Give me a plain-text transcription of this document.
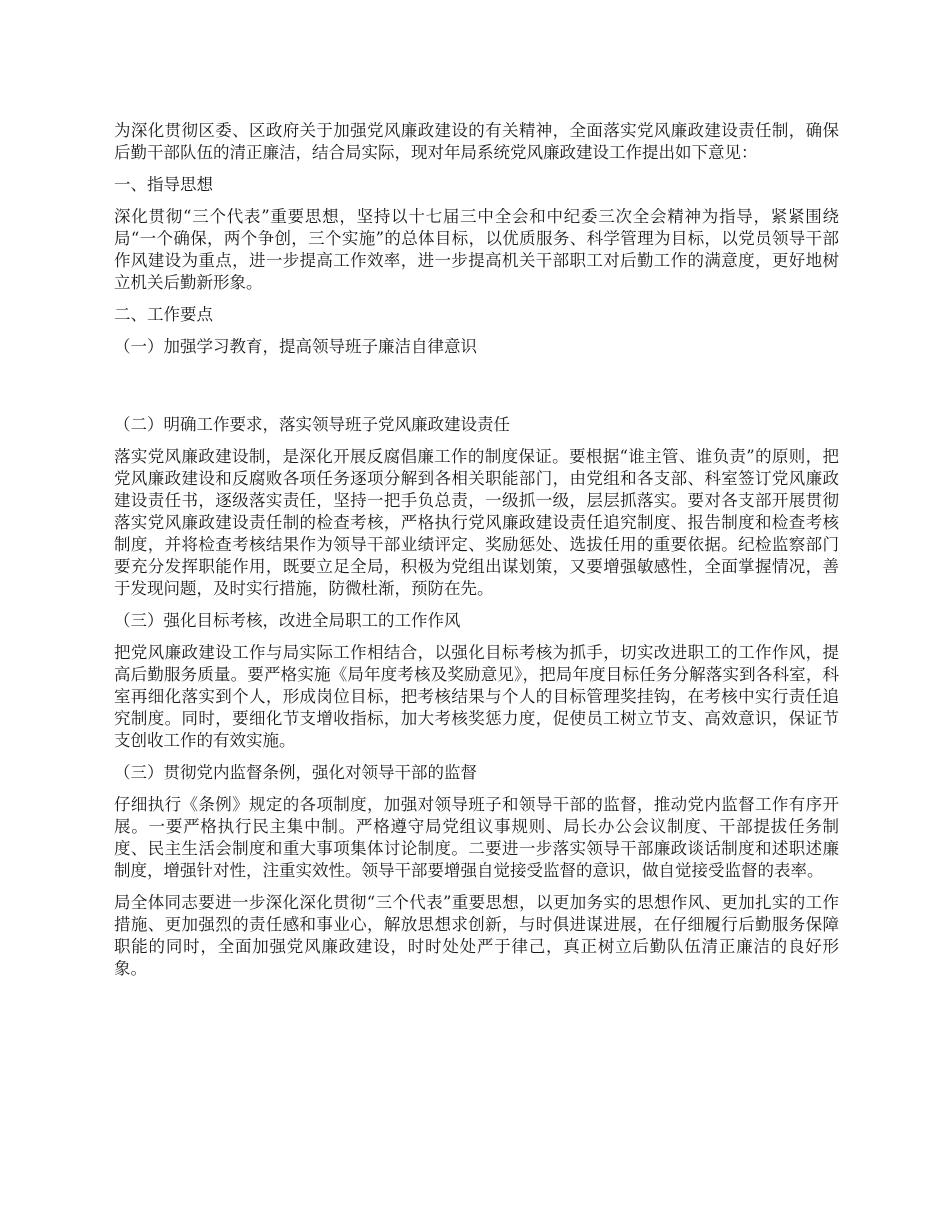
为深化贯彻区委、区政府关于加强党风廉政建设的有关精神，全面落实党风廉政建设责任制，确保后勤干部队伍的清正廉洁，结合局实际，现对年局系统党风廉政建设工作提出如下意见：

一、指导思想

深化贯彻“三个代表”重要思想，坚持以十七届三中全会和中纪委三次全会精神为指导，紧紧围绕局“一个确保，两个争创，三个实施”的总体目标，以优质服务、科学管理为目标，以党员领导干部作风建设为重点，进一步提高工作效率，进一步提高机关干部职工对后勤工作的满意度，更好地树立机关后勤新形象。

二、工作要点

（一）加强学习教育，提高领导班子廉洁自律意识

（二）明确工作要求，落实领导班子党风廉政建设责任

落实党风廉政建设制，是深化开展反腐倡廉工作的制度保证。要根据“谁主管、谁负责”的原则，把党风廉政建设和反腐败各项任务逐项分解到各相关职能部门，由党组和各支部、科室签订党风廉政建设责任书，逐级落实责任，坚持一把手负总责，一级抓一级，层层抓落实。要对各支部开展贯彻落实党风廉政建设责任制的检查考核，严格执行党风廉政建设责任追究制度、报告制度和检查考核制度，并将检查考核结果作为领导干部业绩评定、奖励惩处、选拔任用的重要依据。纪检监察部门要充分发挥职能作用，既要立足全局，积极为党组出谋划策，又要增强敏感性，全面掌握情况，善于发现问题，及时实行措施，防微杜渐，预防在先。

（三）强化目标考核，改进全局职工的工作作风

把党风廉政建设工作与局实际工作相结合，以强化目标考核为抓手，切实改进职工的工作作风，提高后勤服务质量。要严格实施《局年度考核及奖励意见》，把局年度目标任务分解落实到各科室，科室再细化落实到个人，形成岗位目标，把考核结果与个人的目标管理奖挂钩，在考核中实行责任追究制度。同时，要细化节支增收指标，加大考核奖惩力度，促使员工树立节支、高效意识，保证节支创收工作的有效实施。

（三）贯彻党内监督条例，强化对领导干部的监督

仔细执行《条例》规定的各项制度，加强对领导班子和领导干部的监督，推动党内监督工作有序开展。一要严格执行民主集中制。严格遵守局党组议事规则、局长办公会议制度、干部提拔任务制度、民主生活会制度和重大事项集体讨论制度。二要进一步落实领导干部廉政谈话制度和述职述廉制度，增强针对性，注重实效性。领导干部要增强自觉接受监督的意识，做自觉接受监督的表率。

局全体同志要进一步深化深化贯彻“三个代表”重要思想，以更加务实的思想作风、更加扎实的工作措施、更加强烈的责任感和事业心，解放思想求创新，与时俱进谋进展，在仔细履行后勤服务保障职能的同时，全面加强党风廉政建设，时时处处严于律己，真正树立后勤队伍清正廉洁的良好形象。
